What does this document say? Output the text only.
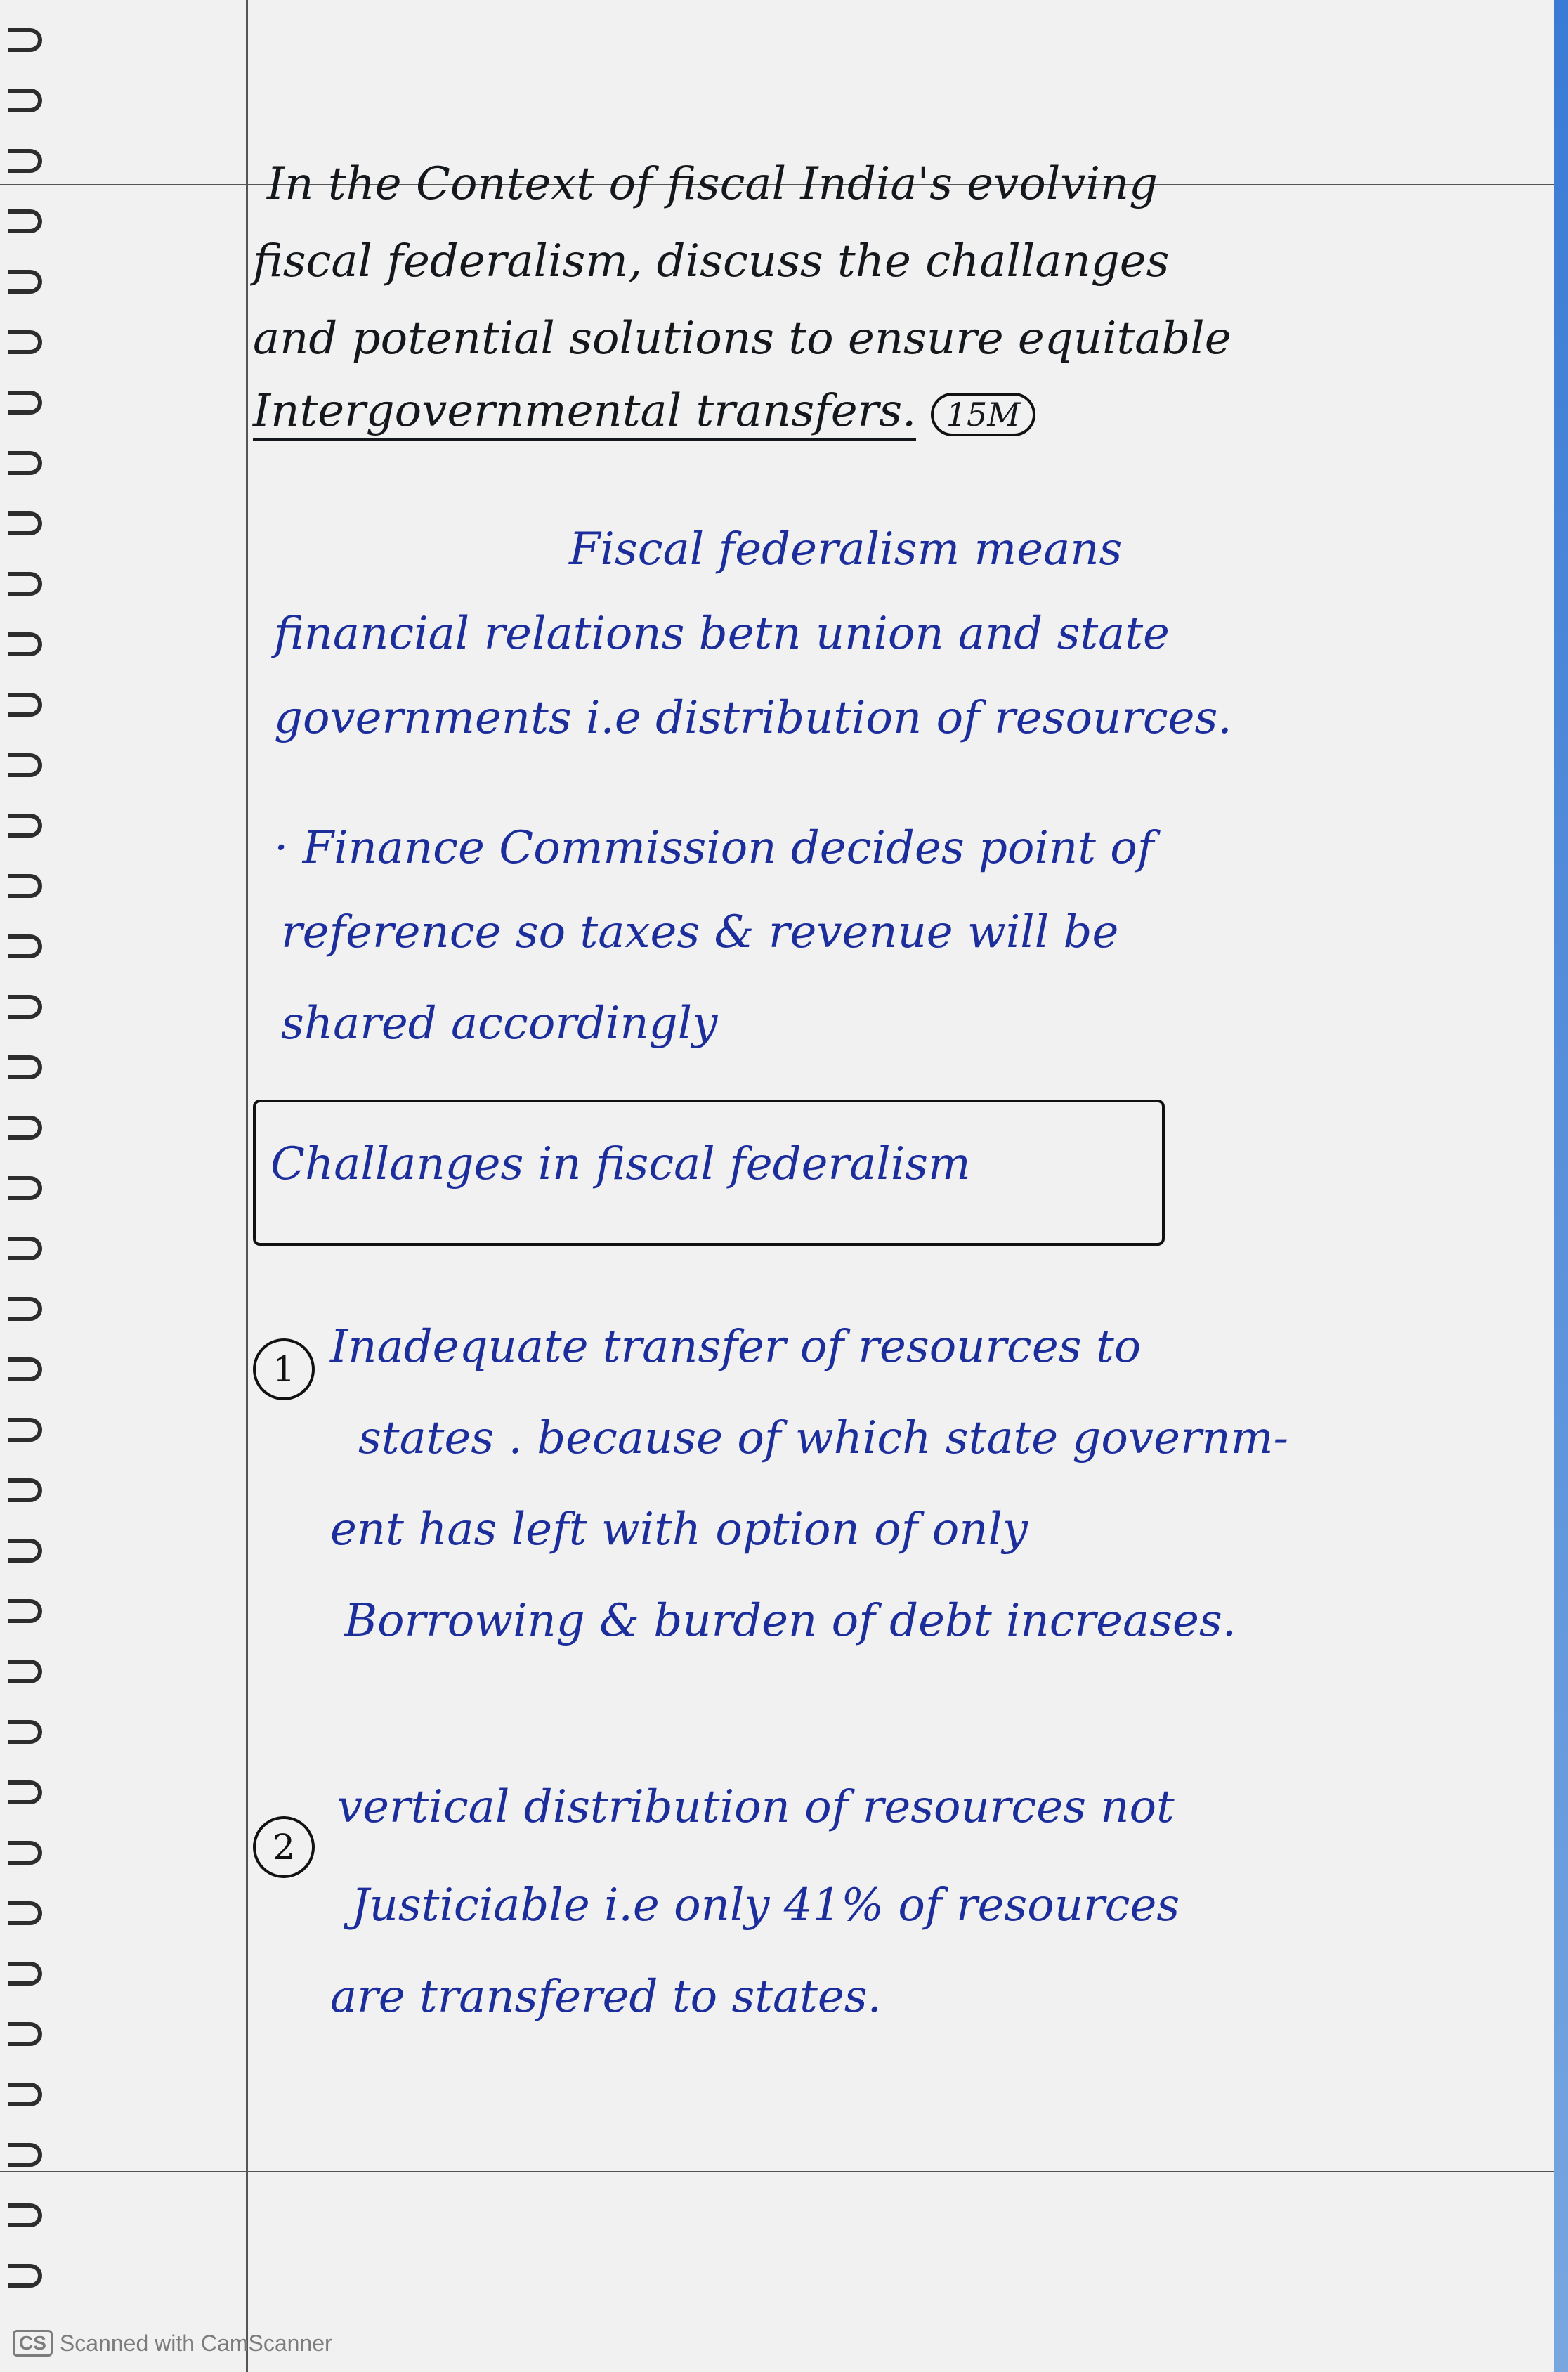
In the Context of fiscal India's evolving
fiscal federalism, discuss the challanges
and potential solutions to ensure equitable
Intergovernmental transfers. 15M
Fiscal federalism means
financial relations betn union and state
governments i.e distribution of resources.
· Finance Commission decides point of
reference so taxes & revenue will be
shared accordingly
Challanges in fiscal federalism
1 Inadequate transfer of resources to
states . because of which state governm-
ent has left with option of only
Borrowing & burden of debt increases.
2
vertical distribution of resources not
Justiciable i.e only 41% of resources
are transfered to states.
CS Scanned with CamScanner
